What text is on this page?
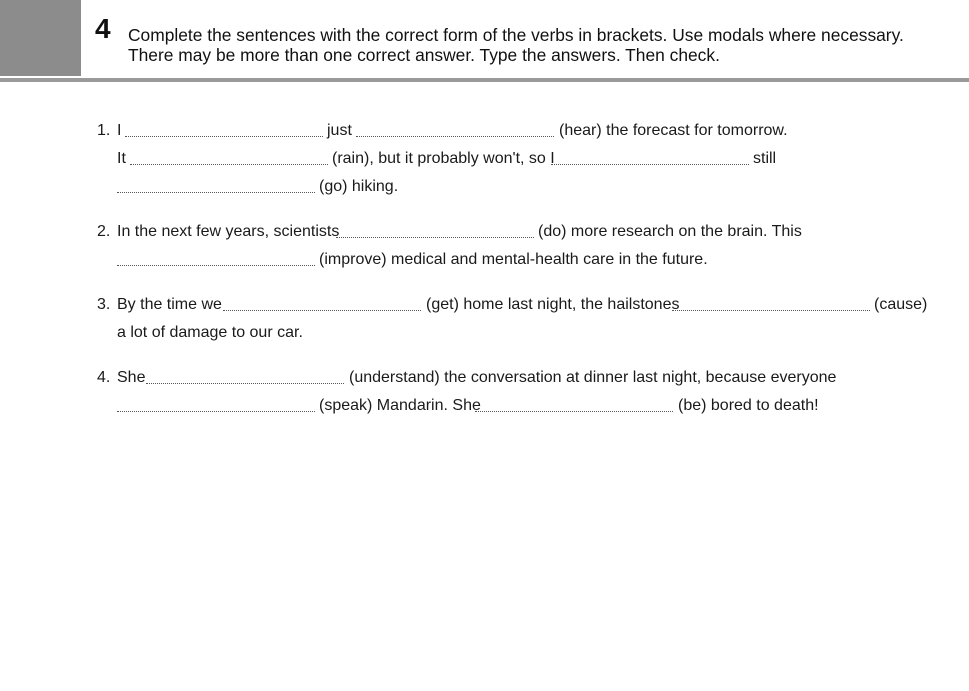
4 Complete the sentences with the correct form of the verbs in brackets. Use modals where necessary.
There may be more than one correct answer. Type the answers. Then check.
1. I	just	(hear) the forecast for tomorrow.
It	(rain), but it probably won't, so I	still
(go) hiking.
2. In the next few years, scientists	(do) more research on the brain. This
(improve) medical and mental-health care in the future.
3. By the time we	(get) home last night, the hailstones	(cause)
a lot of damage to our car.
4. She	(understand) the conversation at dinner last night, because everyone
(speak) Mandarin. She	(be) bored to death!
